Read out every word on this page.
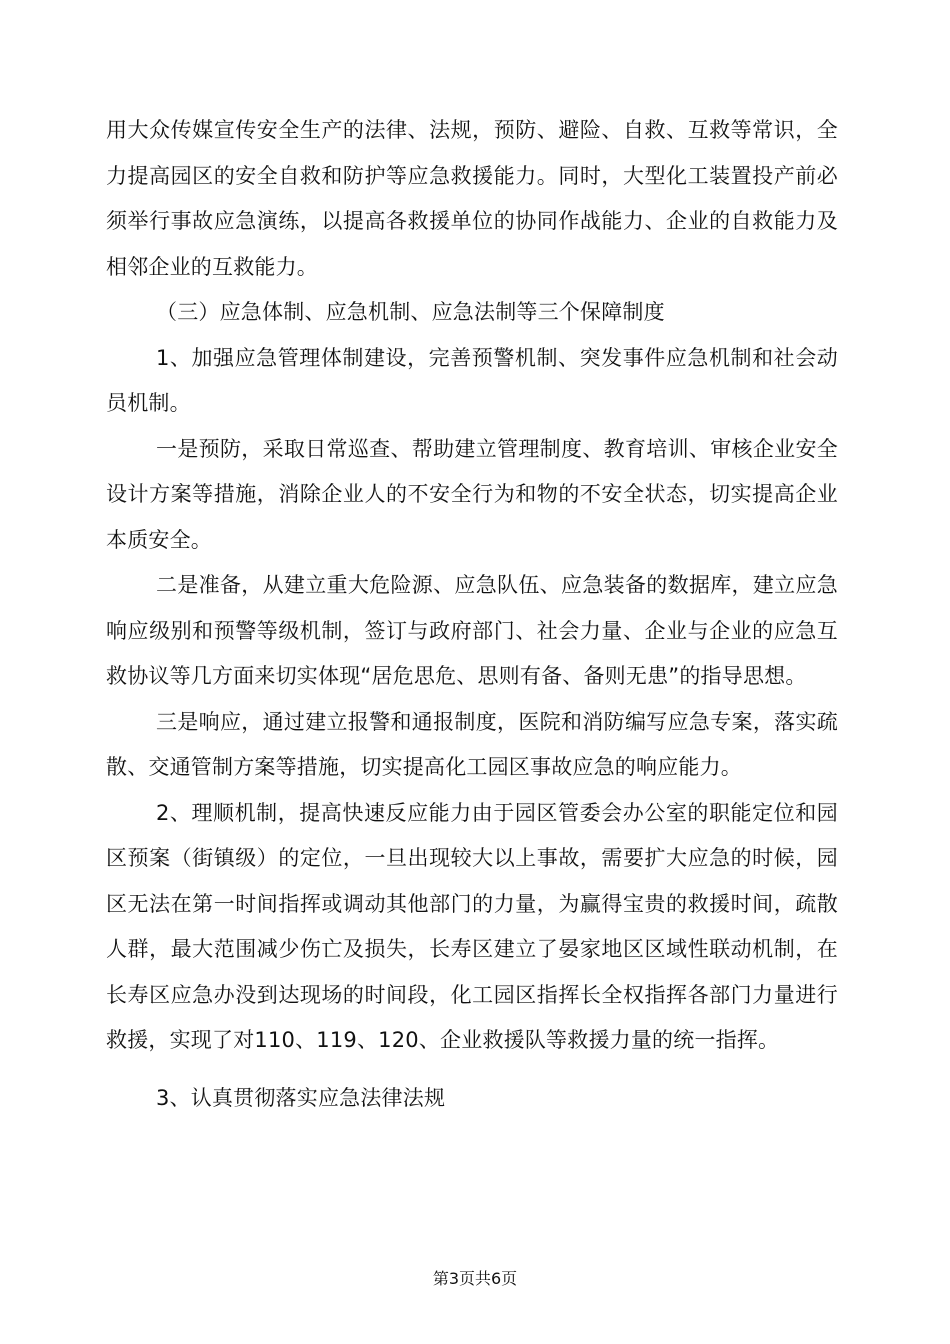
用大众传媒宣传安全生产的法律、法规，预防、避险、自救、互救等常识，全力提高园区的安全自救和防护等应急救援能力。同时，大型化工装置投产前必须举行事故应急演练，以提高各救援单位的协同作战能力、企业的自救能力及相邻企业的互救能力。

（三）应急体制、应急机制、应急法制等三个保障制度

1、加强应急管理体制建设，完善预警机制、突发事件应急机制和社会动员机制。

一是预防，采取日常巡查、帮助建立管理制度、教育培训、审核企业安全设计方案等措施，消除企业人的不安全行为和物的不安全状态，切实提高企业本质安全。

二是准备，从建立重大危险源、应急队伍、应急装备的数据库，建立应急响应级别和预警等级机制，签订与政府部门、社会力量、企业与企业的应急互救协议等几方面来切实体现“居危思危、思则有备、备则无患”的指导思想。

三是响应，通过建立报警和通报制度，医院和消防编写应急专案，落实疏散、交通管制方案等措施，切实提高化工园区事故应急的响应能力。

2、理顺机制，提高快速反应能力由于园区管委会办公室的职能定位和园区预案（街镇级）的定位，一旦出现较大以上事故，需要扩大应急的时候，园区无法在第一时间指挥或调动其他部门的力量，为赢得宝贵的救援时间，疏散人群，最大范围减少伤亡及损失，长寿区建立了晏家地区区域性联动机制，在长寿区应急办没到达现场的时间段，化工园区指挥长全权指挥各部门力量进行救援，实现了对110、119、120、企业救援队等救援力量的统一指挥。

3、认真贯彻落实应急法律法规

第3页共6页
